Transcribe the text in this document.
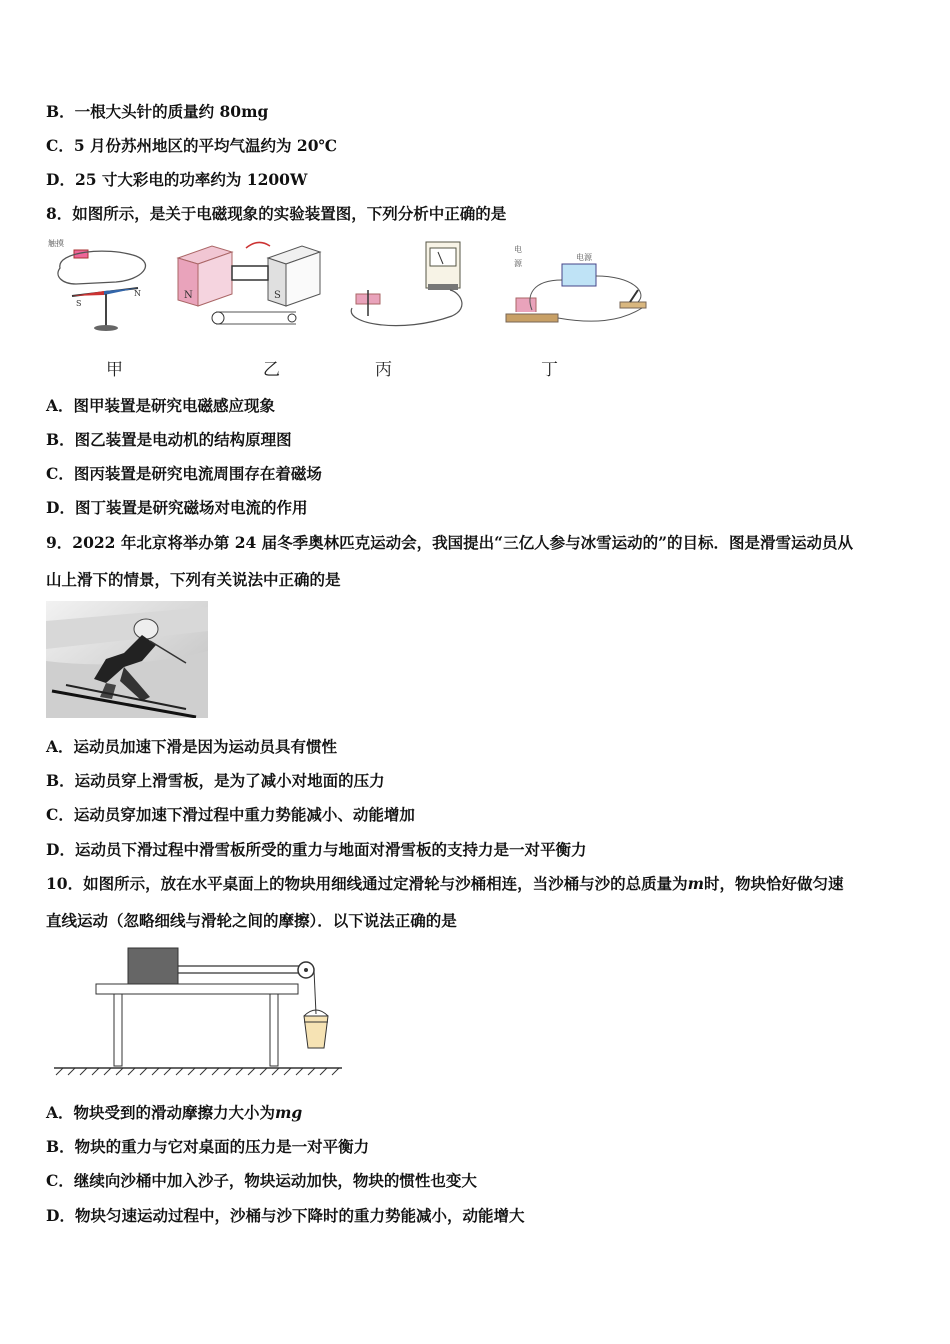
B．一根大头针的质量约 80mg
C．5 月份苏州地区的平均气温约为 20℃
D．25 寸大彩电的功率约为 1200W
8．如图所示，是关于电磁现象的实验装置图，下列分析中正确的是
触摸
S
N	N	S
电
源
电源
甲	乙	丙	丁
A．图甲装置是研究电磁感应现象
B．图乙装置是电动机的结构原理图
C．图丙装置是研究电流周围存在着磁场
D．图丁装置是研究磁场对电流的作用
9．2022 年北京将举办第 24 届冬季奥林匹克运动会，我国提出“三亿人参与冰雪运动的”的目标．图是滑雪运动员从
山上滑下的情景，下列有关说法中正确的是
A．运动员加速下滑是因为运动员具有惯性
B．运动员穿上滑雪板，是为了减小对地面的压力
C．运动员穿加速下滑过程中重力势能减小、动能增加
D．运动员下滑过程中滑雪板所受的重力与地面对滑雪板的支持力是一对平衡力
10．如图所示，放在水平桌面上的物块用细线通过定滑轮与沙桶相连，当沙桶与沙的总质量为m时，物块恰好做匀速
直线运动（忽略细线与滑轮之间的摩擦）．以下说法正确的是
A．物块受到的滑动摩擦力大小为mg
B．物块的重力与它对桌面的压力是一对平衡力
C．继续向沙桶中加入沙子，物块运动加快，物块的惯性也变大
D．物块匀速运动过程中，沙桶与沙下降时的重力势能减小，动能增大
